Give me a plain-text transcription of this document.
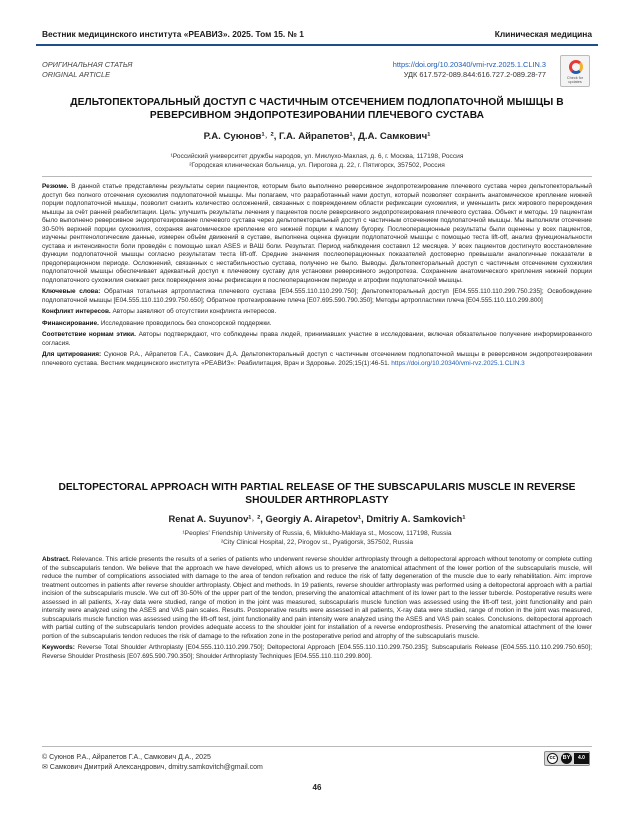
Вестник медицинского института «РЕАВИЗ». 2025. Том 15. № 1	Клиническая медицина
ОРИГИНАЛЬНАЯ СТАТЬЯ
ORIGINAL ARTICLE
https://doi.org/10.20340/vmi-rvz.2025.1.CLIN.3
УДК 617.572-089.844:616.727.2-089.28-77	Check for updates
ДЕЛЬТОПЕКТОРАЛЬНЫЙ ДОСТУП С ЧАСТИЧНЫМ ОТСЕЧЕНИЕМ ПОДЛОПАТОЧНОЙ МЫШЦЫ В РЕВЕРСИВНОМ ЭНДОПРОТЕЗИРОВАНИИ ПЛЕЧЕВОГО СУСТАВА
Р.А. Суюнов¹˒ ², Г.А. Айрапетов¹, Д.А. Самкович¹
¹Российский университет дружбы народов, ул. Миклухо-Маклая, д. 6, г. Москва, 117198, Россия
²Городская клиническая больница, ул. Пирогова д. 22, г. Пятигорск, 357502, Россия

Резюме. В данной статье представлены результаты серии пациентов, которым было выполнено реверсивное эндопротезирование плечевого сустава через дельтопекторальный доступ без полного отсечения сухожилия подлопаточной мышцы. Мы полагаем, что разработанный нами доступ, который позволяет сохранить анатомическое крепление нижней порции подлопаточной мышцы, позволит снизить количество осложнений, связанных с повреждением области рефиксации сухожилия, и уменьшить риск жирового перерождения мышцы за счёт ранней реабилитации. Цель: улучшить результаты лечения у пациентов после реверсивного эндопротезирования плечевого сустава. Объект и методы. 19 пациентам было выполнено реверсивное эндопротезирование плечевого сустава через дельтопекторальный доступ с частичным отсечением подлопаточной мышцы. Мы выполняли отсечение 30-50% верхней порции сухожилия, сохраняя анатомическое крепление его нижней порции к малому бугорку. Послеоперационные результаты были оценены у всех пациентов, изучены рентгенологические данные, измерен объём движений в суставе, выполнена оценка функции подлопаточной мышцы с помощью теста lift-off, анализ функциональности сустава и интенсивности боли проведён с помощью шкал ASES и ВАШ боли. Результат. Период наблюдения составил 12 месяцев. У всех пациентов достигнуто восстановление функции подлопаточной мышцы согласно результатам теста lift-off. Средние значения послеоперационных показателей достоверно превышали аналогичные показатели в предоперационном периоде. Осложнений, связанных с нестабильностью сустава, получено не было. Выводы. Дельтопекторальный доступ с частичным отсечением сухожилия подлопаточной мышцы обеспечивает адекватный доступ к плечевому суставу для установки реверсивного эндопротеза. Сохранение анатомического крепления нижней порции подлопаточного сухожилия снижает риск повреждения зоны рефиксации в послеоперационном периоде и атрофии подлопаточной мышцы.

Ключевые слова: Обратная тотальная артропластика плечевого сустава [E04.555.110.110.299.750]; Дельтопекторальный доступ [E04.555.110.110.299.750.235]; Освобождение подлопаточной мышцы [E04.555.110.110.299.750.650]; Обратное протезирование плеча [E07.695.590.790.350]; Методы артропластики плеча [E04.555.110.110.299.800]

Конфликт интересов. Авторы заявляют об отсутствии конфликта интересов.

Финансирование. Исследование проводилось без спонсорской поддержки.

Соответствие нормам этики. Авторы подтверждают, что соблюдены права людей, принимавших участие в исследовании, включая обязательное получение информированного согласия.

Для цитирования: Суюнов Р.А., Айрапетов Г.А., Самкович Д.А. Дельтопекторальный доступ с частичным отсечением подлопаточной мышцы в реверсивном эндопротезировании плечевого сустава. Вестник медицинского института «РЕАВИЗ»: Реабилитация, Врач и Здоровье. 2025;15(1):46-51. https://doi.org/10.20340/vmi-rvz.2025.1.CLIN.3

DELTOPECTORAL APPROACH WITH PARTIAL RELEASE OF THE SUBSCAPULARIS MUSCLE IN REVERSE SHOULDER ARTHROPLASTY
Renat A. Suyunov¹˒ ², Georgiy A. Airapetov¹, Dmitriy A. Samkovich¹
¹Peoples' Friendship University of Russia, 6, Miklukho-Maklaya st., Moscow, 117198, Russia
²City Clinical Hospital, 22, Pirogov st., Pyatigorsk, 357502, Russia

Abstract. Relevance. This article presents the results of a series of patients who underwent reverse shoulder arthroplasty through a deltopectoral approach without tenotomy or complete cutting of the subscapularis tendon. We believe that the approach we have developed, which allows us to preserve the anatomical attachment of the lower portion of the subscapularis muscle, will reduce the number of complications associated with damage to the area of tendon refixation and reduce the risk of fatty degeneration of the muscle due to early rehabilitation. Aim: improve treatment outcomes in patients after reverse shoulder arthroplasty. Object and methods. In 19 patients, reverse shoulder arthroplasty was performed using a deltopectoral approach with a partial incision of the subscapularis muscle. We cut off 30-50% of the upper part of the tendon, preserving the anatomical attachment of its lower part to the lesser tubercle. Postoperative results were assessed in all patients, X-ray data were studied, range of motion in the joint was measured, subscapularis muscle function was assessed using the lift-off test, joint functionality and pain intensity were analyzed using the ASES and VAS pain scales. Results. Postoperative results were assessed in all patients, X-ray data were studied, range of motion in the joint was measured, subscapularis muscle function was assessed using the lift-off test, joint functionality and pain intensity were analyzed using the ASES and VAS pain scales. Conclusions. deltopectoral approach with partial cutting of the subscapularis tendon provides adequate access to the shoulder joint for installation of a reverse endoprosthesis. Preserving the anatomical attachment of the lower portion of the subscapularis tendon reduces the risk of damage to the refixation zone in the postoperative period and atrophy of the subscapularis muscle.

Keywords: Reverse Total Shoulder Arthroplasty [E04.555.110.110.299.750]; Deltopectoral Approach [E04.555.110.110.299.750.235]; Subscapularis Release [E04.555.110.110.299.750.650]; Reverse Shoulder Prosthesis [E07.695.590.790.350]; Shoulder Arthroplasty Techniques [E04.555.110.110.299.800].

© Суюнов Р.А., Айрапетов Г.А., Самкович Д.А., 2025
✉ Самкович Дмитрий Александрович, dmitry.samkovitch@gmail.com
cc	BY	4.0
46
